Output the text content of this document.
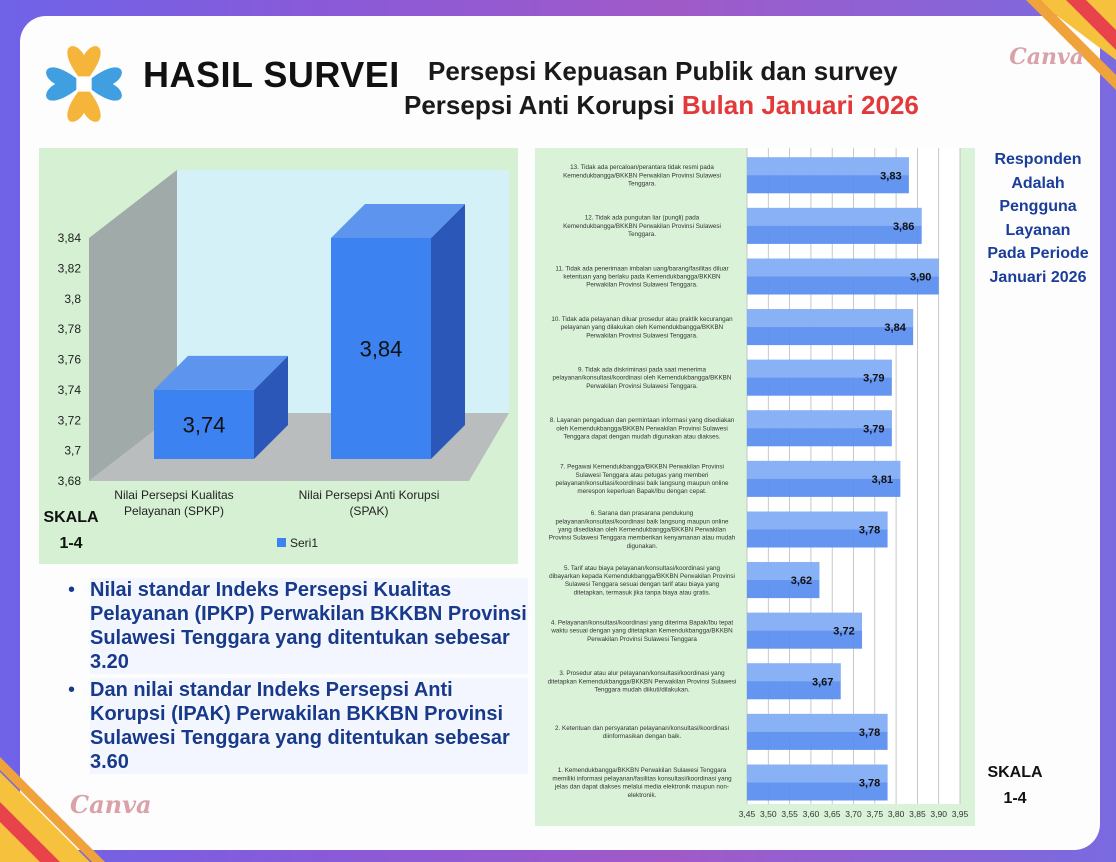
Canva
Canva
HASIL SURVEI Persepsi Kepuasan Publik dan survey
Persepsi Anti Korupsi Bulan Januari 2026
3,68
3,7
3,72
3,74
3,76
3,78
3,8
3,82
3,84
3,74
Nilai Persepsi Kualitas
Pelayanan (SPKP)
3,84
Nilai Persepsi Anti Korupsi
(SPAK)
Seri1
SKALA
1-4
• Nilai standar Indeks Persepsi Kualitas Pelayanan (IPKP) Perwakilan BKKBN Provinsi Sulawesi Tenggara yang ditentukan sebesar 3.20
• Dan nilai standar Indeks Persepsi Anti Korupsi (IPAK) Perwakilan BKKBN Provinsi Sulawesi Tenggara yang ditentukan sebesar 3.60
3,45 3,50 3,55 3,60 3,65 3,70 3,75 3,80 3,85 3,90 3,95
3,83
13. Tidak ada percaloan/perantara tidak resmi pada
Kemendukbangga/BKKBN Perwakilan Provinsi Sulawesi
Tenggara.
3,86
12. Tidak ada pungutan liar (pungli) pada
Kemendukbangga/BKKBN Perwakilan Provinsi Sulawesi
Tenggara.
3,90
11. Tidak ada penerimaan imbalan uang/barang/fasilitas diluar
ketentuan yang berlaku pada Kemendukbangga/BKKBN
Perwakilan Provinsi Sulawesi Tenggara.
3,84
10. Tidak ada pelayanan diluar prosedur atau praktik kecurangan
pelayanan yang dilakukan oleh Kemendukbangga/BKKBN
Perwakilan Provinsi Sulawesi Tenggara.
3,79
9. Tidak ada diskriminasi pada saat menerima
pelayanan/konsultasi/koordinasi oleh Kemendukbangga/BKKBN
Perwakilan Provinsi Sulawesi Tenggara.
3,79
8. Layanan pengaduan dan permintaan informasi yang disediakan
oleh Kemendukbangga/BKKBN Perwakilan Provinsi Sulawesi
Tenggara dapat dengan mudah digunakan atau diakses.
3,81
7. Pegawai Kemendukbangga/BKKBN Perwakilan Provinsi
Sulawesi Tenggara atau petugas yang memberi
pelayanan/konsultasi/koordinasi baik langsung maupun online
merespon keperluan Bapak/Ibu dengan cepat.
3,78
6. Sarana dan prasarana pendukung
pelayanan/konsultasi/koordinasi baik langsung maupun online
yang disediakan oleh Kemendukbangga/BKKBN Perwakilan
Provinsi Sulawesi Tenggara memberikan kenyamanan atau mudah
digunakan.
3,62
5. Tarif atau biaya pelayanan/konsultasi/koordinasi yang
dibayarkan kepada Kemendukbangga/BKKBN Perwakilan Provinsi
Sulawesi Tenggara sesuai dengan tarif atau biaya yang
ditetapkan, termasuk jika tanpa biaya atau gratis.
3,72
4. Pelayanan/konsultasi/koordinasi yang diterima Bapak/Ibu tepat
waktu sesuai dengan yang ditetapkan Kemendukbangga/BKKBN
Perwakilan Provinsi Sulawesi Tenggara
3,67
3. Prosedur atau alur pelayanan/konsultasi/koordinasi yang
ditetapkan Kemendukbangga/BKKBN Perwakilan Provinsi Sulawesi
Tenggara mudah diikuti/dilakukan.
3,78
2. Ketentuan dan persyaratan pelayanan/konsultasi/koordinasi
diinformasikan dengan baik.
3,78
1. Kemendukbangga/BKKBN Perwakilan Sulawesi Tenggara
memiliki informasi pelayanan/fasilitas konsultasi/koordinasi yang
jelas dan dapat diakses melalui media elektronik maupun non-
elektronik.
Responden
Adalah
Pengguna
Layanan
Pada Periode
Januari 2026
SKALA
1-4
